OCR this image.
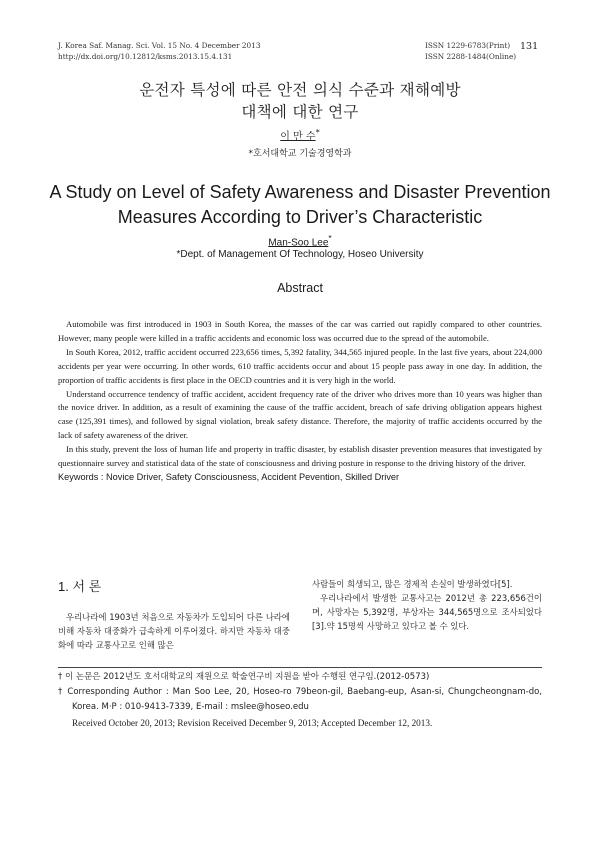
J. Korea Saf. Manag. Sci. Vol. 15 No. 4 December 2013
http://dx.doi.org/10.12812/ksms.2013.15.4.131
ISSN 1229-6783(Print)
ISSN 2288-1484(Online)
131
운전자 특성에 따른 안전 의식 수준과 재해예방
대책에 대한 연구
이 만 수*
*호서대학교 기술경영학과
A Study on Level of Safety Awareness and Disaster Prevention
Measures According to Driver’s Characteristic
Man-Soo Lee*
*Dept. of Management Of Technology, Hoseo University
Abstract

Automobile was first introduced in 1903 in South Korea, the masses of the car was carried out rapidly compared to other countries. However, many people were killed in a traffic accidents and economic loss was occurred due to the spread of the automobile.

In South Korea, 2012, traffic accident occurred 223,656 times, 5,392 fatality, 344,565 injured people. In the last five years, about 224,000 accidents per year were occurring. In other words, 610 traffic accidents occur and about 15 people pass away in one day. In addition, the proportion of traffic accidents is first place in the OECD countries and it is very high in the world.

Understand occurrence tendency of traffic accident, accident frequency rate of the driver who drives more than 10 years was higher than the novice driver. In addition, as a result of examining the cause of the traffic accident, breach of safe driving obligation appears highest case (125,391 times), and followed by signal violation, break safety distance. Therefore, the majority of traffic accidents occurred by the lack of safety awareness of the driver.

In this study, prevent the loss of human life and property in traffic disaster, by establish disaster prevention measures that investigated by questionnaire survey and statistical data of the state of consciousness and driving posture in response to the driving history of the driver.

Keywords : Novice Driver, Safety Consciousness, Accident Pevention, Skilled Driver
1. 서 론

우리나라에 1903년 처음으로 자동차가 도입되어 다른 나라에 비해 자동차 대중화가 급속하게 이루어졌다. 하지만 자동차 대중화에 따라 교통사고로 인해 많은

사람들이 희생되고, 많은 경제적 손실이 발생하였다[5].

우리나라에서 발생한 교통사고는 2012년 총 223,656건이며, 사망자는 5,392명, 부상자는 344,565명으로 조사되었다[3].약 15명씩 사망하고 있다고 볼 수 있다.

† 이 논문은 2012년도 호서대학교의 재원으로 학술연구비 지원을 받아 수행된 연구임.(2012-0573)
† Corresponding Author : Man Soo Lee, 20, Hoseo-ro 79beon-gil, Baebang-eup, Asan-si, Chungcheongnam-do, Korea. M·P : 010-9413-7339, E-mail : mslee@hoseo.edu
Received October 20, 2013; Revision Received December 9, 2013; Accepted December 12, 2013.
